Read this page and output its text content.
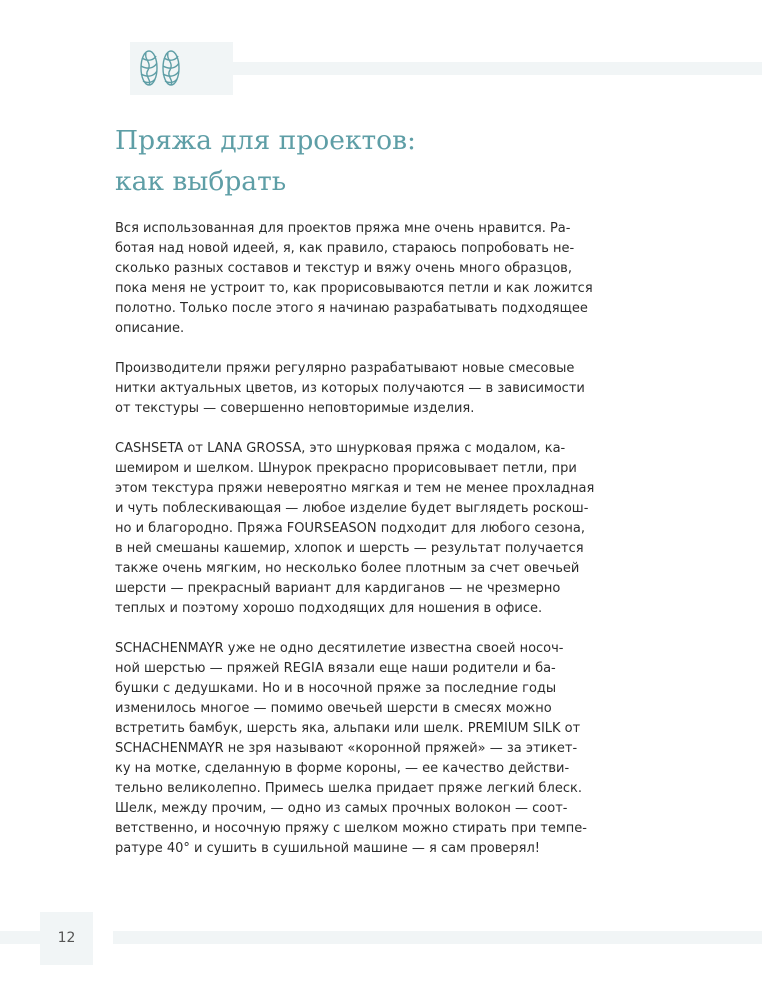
Пряжа для проектов:
как выбрать

Вся использованная для проектов пряжа мне очень нравится. Ра-
ботая над новой идеей, я, как правило, стараюсь попробовать не-
сколько разных составов и текстур и вяжу очень много образцов,
пока меня не устроит то, как прорисовываются петли и как ложится
полотно. Только после этого я начинаю разрабатывать подходящее
описание.

Производители пряжи регулярно разрабатывают новые смесовые
нитки актуальных цветов, из которых получаются — в зависимости
от текстуры — совершенно неповторимые изделия.

CASHSETA от LANA GROSSA, это шнурковая пряжа с модалом, ка-
шемиром и шелком. Шнурок прекрасно прорисовывает петли, при
этом текстура пряжи невероятно мягкая и тем не менее прохладная
и чуть поблескивающая — любое изделие будет выглядеть роскош-
но и благородно. Пряжа FOURSEASON подходит для любого сезона,
в ней смешаны кашемир, хлопок и шерсть — результат получается
также очень мягким, но несколько более плотным за счет овечьей
шерсти — прекрасный вариант для кардиганов — не чрезмерно
теплых и поэтому хорошо подходящих для ношения в офисе.

SCHACHENMAYR уже не одно десятилетие известна своей носоч-
ной шерстью — пряжей REGIA вязали еще наши родители и ба-
бушки с дедушками. Но и в носочной пряже за последние годы
изменилось многое — помимо овечьей шерсти в смесях можно
встретить бамбук, шерсть яка, альпаки или шелк. PREMIUM SILK от
SCHACHENMAYR не зря называют «коронной пряжей» — за этикет-
ку на мотке, сделанную в форме короны, — ее качество действи-
тельно великолепно. Примесь шелка придает пряже легкий блеск.
Шелк, между прочим, — одно из самых прочных волокон — соот-
ветственно, и носочную пряжу с шелком можно стирать при темпе-
ратуре 40° и сушить в сушильной машине — я сам проверял!

12
